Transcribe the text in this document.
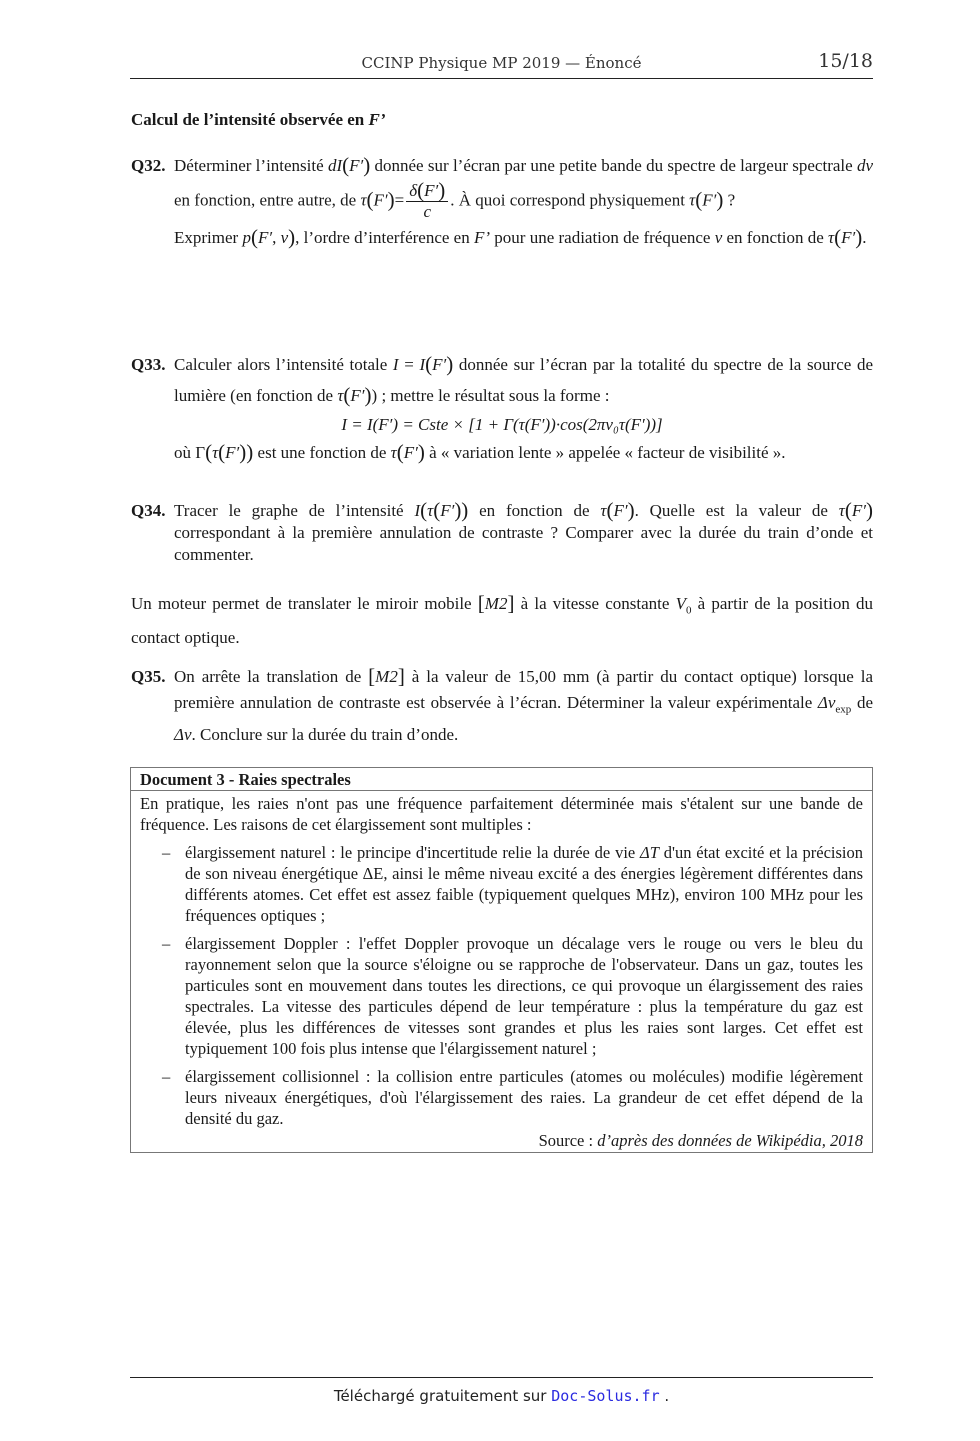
CCINP Physique MP 2019 — Énoncé	15/18
Calcul de l’intensité observée en F’
Q32. Déterminer l’intensité dI(F′) donnée sur l’écran par une petite bande du spectre de largeur spectrale dν en fonction, entre autre, de $\tau(F')= \frac{\delta(F')}{c}$ . À quoi correspond physiquement τ(F′) ?
Exprimer p(F′, ν), l’ordre d’interférence en F’ pour une radiation de fréquence ν en fonction de τ(F′).
Q33. Calculer alors l’intensité totale I = I(F′) donnée sur l’écran par la totalité du spectre de la source de lumière (en fonction de τ(F′)) ; mettre le résultat sous la forme :
I = I(F′) = Cste × [1 + Γ(τ(F′))·cos(2πν₀τ(F′))]
où Γ(τ(F′)) est une fonction de τ(F′) à « variation lente » appelée « facteur de visibilité ».
Q34. Tracer le graphe de l’intensité I(τ(F′)) en fonction de τ(F′). Quelle est la valeur de τ(F′) correspondant à la première annulation de contraste ? Comparer avec la durée du train d’onde et commenter.
Un moteur permet de translater le miroir mobile [M2] à la vitesse constante $V_0$ à partir de la position du contact optique.
Q35. On arrête la translation de [M2] à la valeur de 15,00 mm (à partir du contact optique) lorsque la première annulation de contraste est observée à l’écran. Déterminer la valeur expérimentale $\Delta\nu_{exp}$ de Δν. Conclure sur la durée du train d’onde.
Document 3 - Raies spectrales
En pratique, les raies n'ont pas une fréquence parfaitement déterminée mais s'étalent sur une bande de fréquence. Les raisons de cet élargissement sont multiples :
– élargissement naturel : le principe d'incertitude relie la durée de vie ΔT d'un état excité et la précision de son niveau énergétique ΔE, ainsi le même niveau excité a des énergies légèrement différentes dans différents atomes. Cet effet est assez faible (typiquement quelques MHz), environ 100 MHz pour les fréquences optiques ;
– élargissement Doppler : l'effet Doppler provoque un décalage vers le rouge ou vers le bleu du rayonnement selon que la source s'éloigne ou se rapproche de l'observateur. Dans un gaz, toutes les particules sont en mouvement dans toutes les directions, ce qui provoque un élargissement des raies spectrales. La vitesse des particules dépend de leur température : plus la température du gaz est élevée, plus les différences de vitesses sont grandes et plus les raies sont larges. Cet effet est typiquement 100 fois plus intense que l'élargissement naturel ;
– élargissement collisionnel : la collision entre particules (atomes ou molécules) modifie légèrement leurs niveaux énergétiques, d'où l'élargissement des raies. La grandeur de cet effet dépend de la densité du gaz.
Source : d’après des données de Wikipédia, 2018
Téléchargé gratuitement sur Doc-Solus.fr .
